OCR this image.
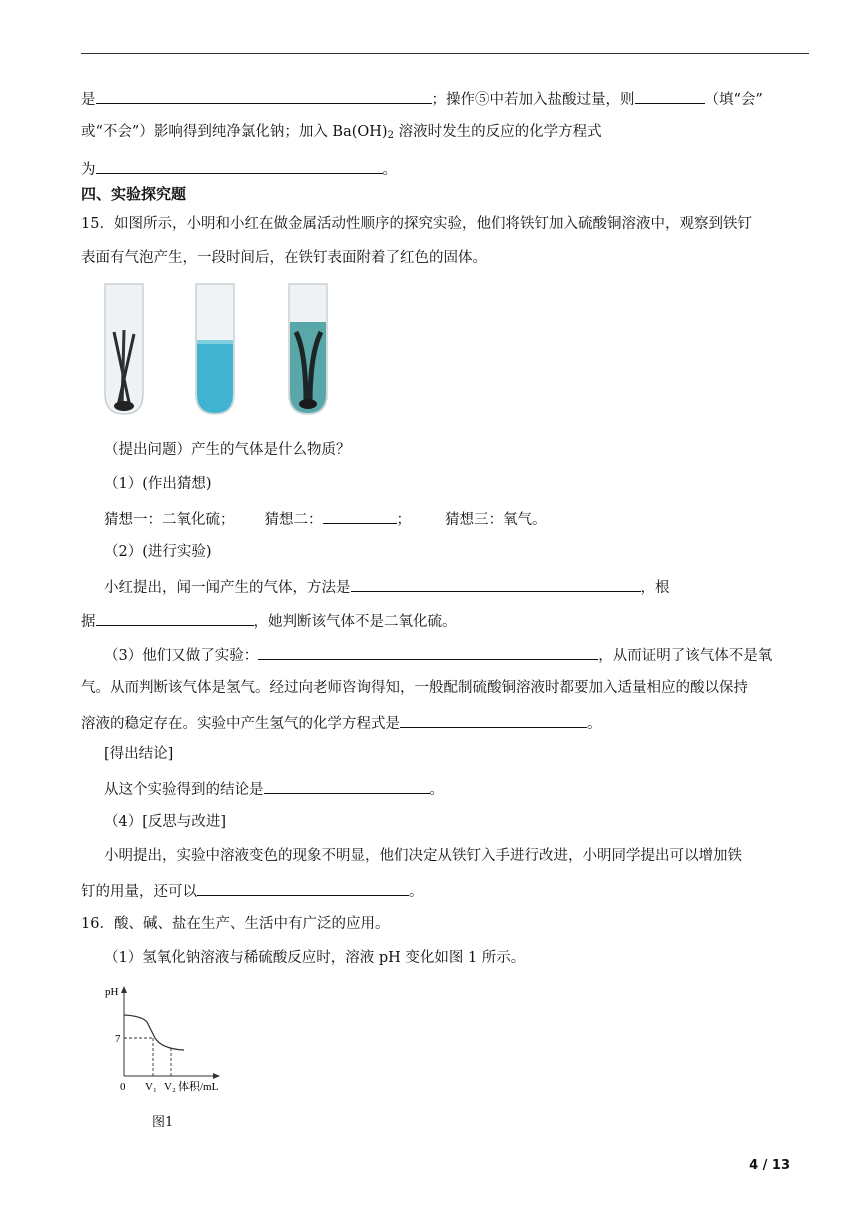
是	；操作⑤中若加入盐酸过量，则	（填“会”
或“不会”）影响得到纯净氯化钠；加入 $Ba(OH)_2$ 溶液时发生的反应的化学方程式
为	。
四、实验探究题
15．如图所示，小明和小红在做金属活动性顺序的探究实验，他们将铁钉加入硫酸铜溶液中，观察到铁钉
表面有气泡产生，一段时间后，在铁钉表面附着了红色的固体。
（提出问题）产生的气体是什么物质？
（1）(作出猜想)
猜想一：二氧化硫； 猜想二：	； 猜想三：氧气。
（2）(进行实验)
小红提出，闻一闻产生的气体，方法是	，根
据	，她判断该气体不是二氧化硫。
（3）他们又做了实验：	，从而证明了该气体不是氧
气。从而判断该气体是氢气。经过向老师咨询得知，一般配制硫酸铜溶液时都要加入适量相应的酸以保持
溶液的稳定存在。实验中产生氢气的化学方程式是	。
[得出结论]
从这个实验得到的结论是	。
（4）[反思与改进]
小明提出，实验中溶液变色的现象不明显，他们决定从铁钉入手进行改进，小明同学提出可以增加铁
钉的用量，还可以	。
16．酸、碱、盐在生产、生活中有广泛的应用。
（1）氢氧化钠溶液与稀硫酸反应时，溶液 pH 变化如图 1 所示。
pH
7
0 V₁ V₂ 体积/mL
图1
4 / 13
